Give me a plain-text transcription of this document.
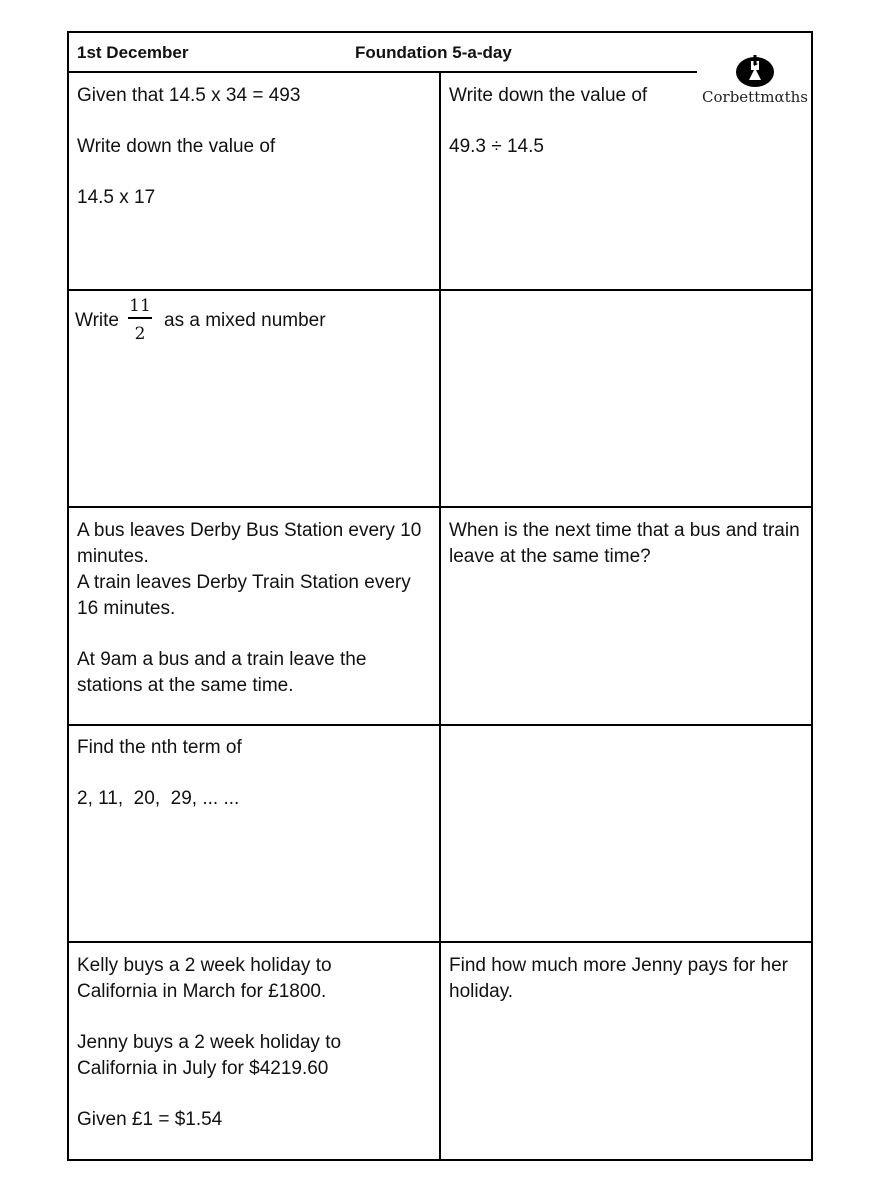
1st December	Foundation 5-a-day
Corbettmαths

Given that 14.5 x 34 = 493

Write down the value of

14.5 x 17

Write down the value of

49.3 ÷ 14.5

Write
11
2
as a mixed number

A bus leaves Derby Bus Station every 10 minutes.

A train leaves Derby Train Station every 16 minutes.

At 9am a bus and a train leave the stations at the same time.

When is the next time that a bus and train leave at the same time?

Find the nth term of

2, 11,  20,  29, ... ...

Kelly buys a 2 week holiday to California in March for £1800.

Jenny buys a 2 week holiday to California in July for $4219.60

Given £1 = $1.54

Find how much more Jenny pays for her holiday.
